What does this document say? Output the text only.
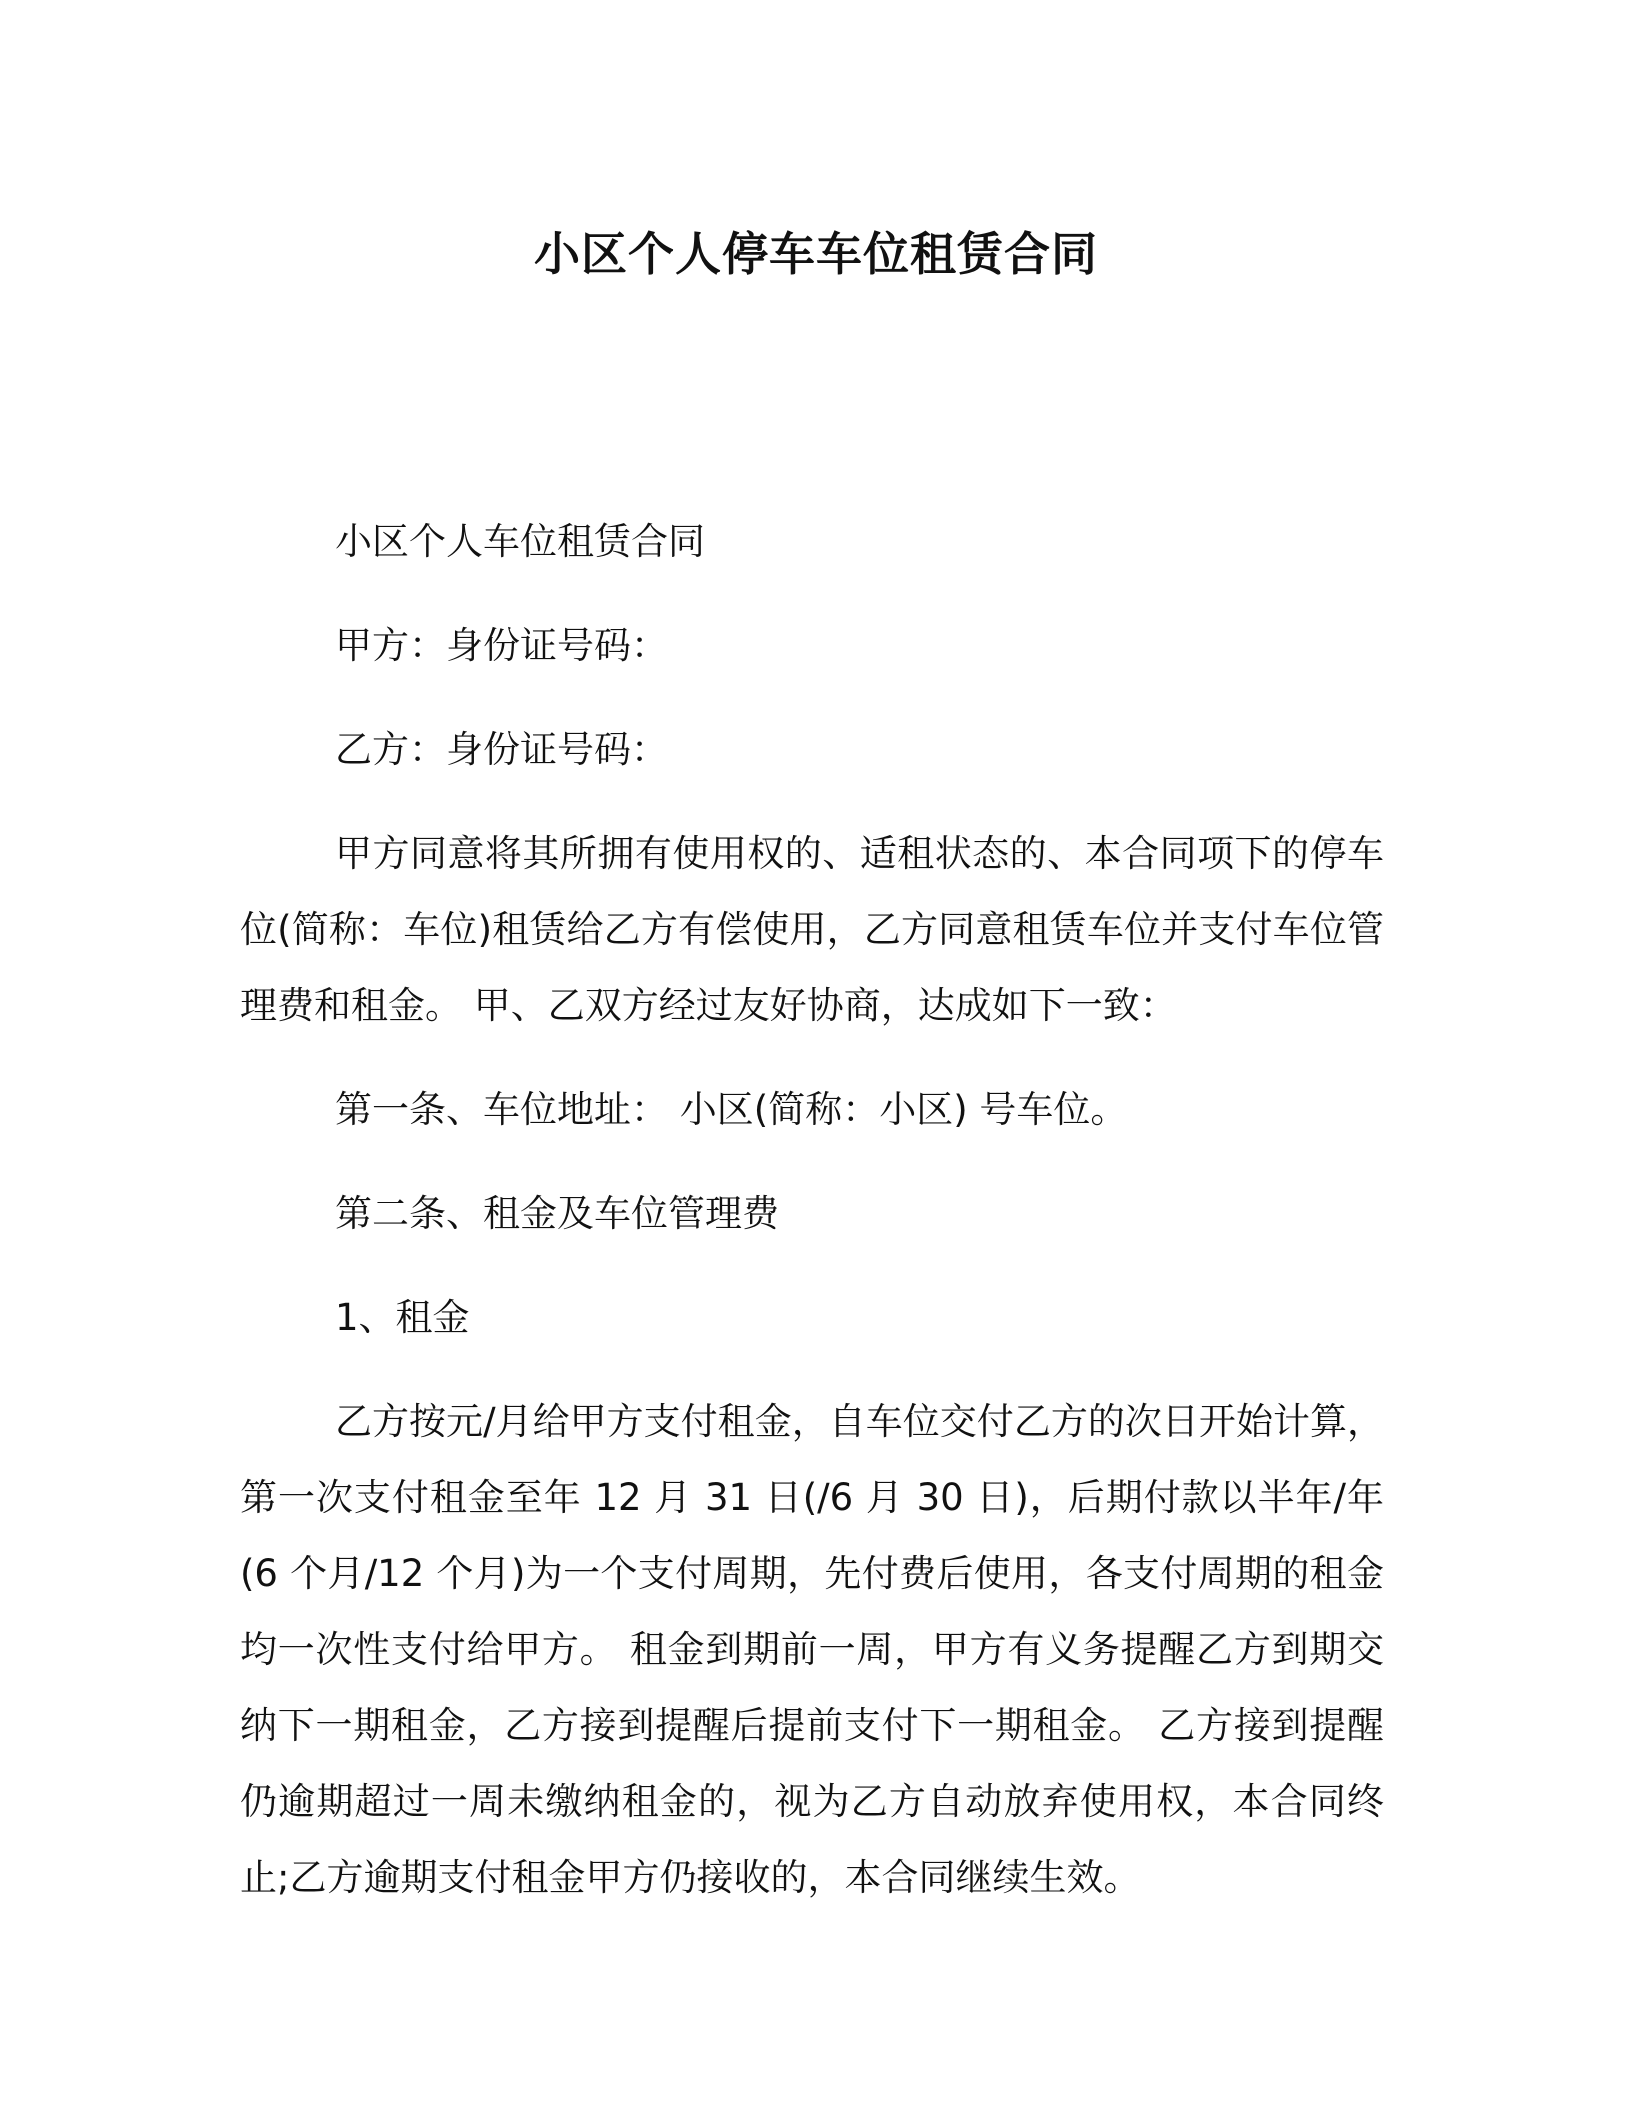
小区个人停车车位租赁合同

小区个人车位租赁合同

甲方：身份证号码：

乙方：身份证号码：

甲方同意将其所拥有使用权的、适租状态的、本合同项下的停车位(简称：车位)租赁给乙方有偿使用，乙方同意租赁车位并支付车位管理费和租金。 甲、乙双方经过友好协商，达成如下一致：

第一条、车位地址： 小区(简称：小区) 号车位。

第二条、租金及车位管理费

1、租金

乙方按元/月给甲方支付租金，自车位交付乙方的次日开始计算，第一次支付租金至年 12 月 31 日(/6 月 30 日)，后期付款以半年/年(6 个月/12 个月)为一个支付周期，先付费后使用，各支付周期的租金均一次性支付给甲方。 租金到期前一周，甲方有义务提醒乙方到期交纳下一期租金，乙方接到提醒后提前支付下一期租金。 乙方接到提醒仍逾期超过一周未缴纳租金的，视为乙方自动放弃使用权，本合同终止;乙方逾期支付租金甲方仍接收的，本合同继续生效。
